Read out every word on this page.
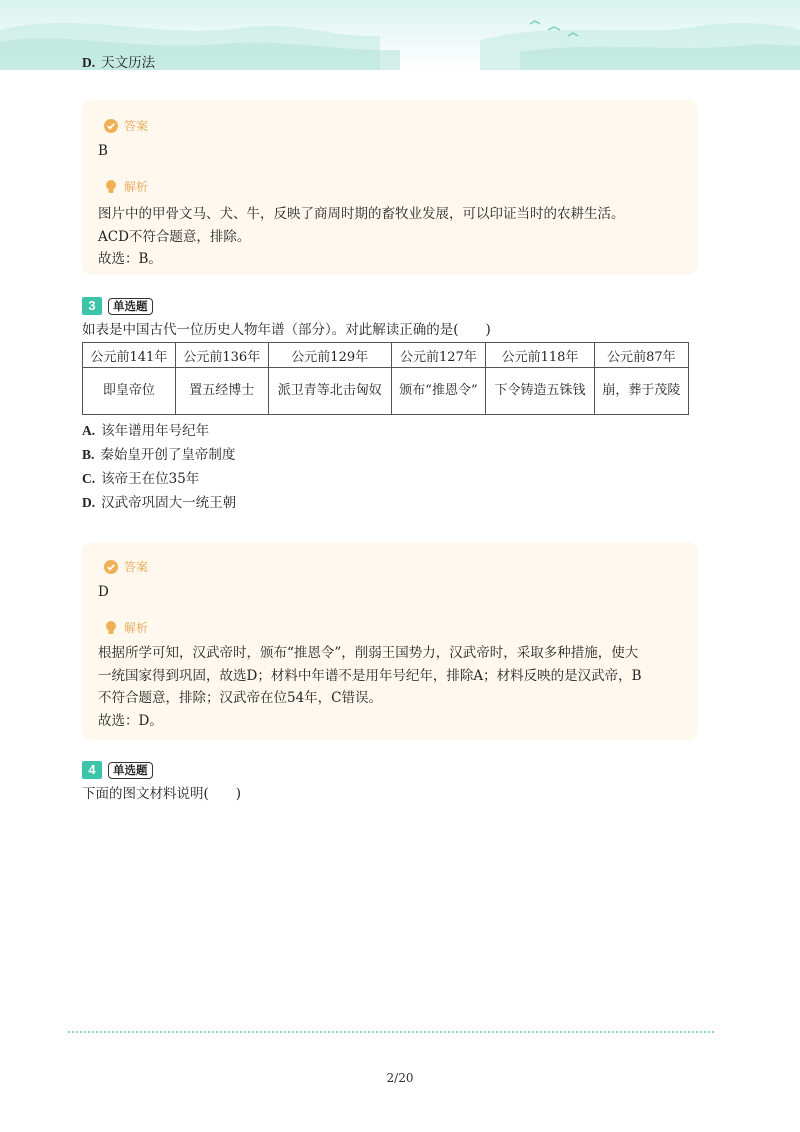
D. 天文历法
答案
B
解析
图片中的甲骨文马、犬、牛，反映了商周时期的畜牧业发展，可以印证当时的农耕生活。
ACD不符合题意，排除。
故选：B。
3	单选题
如表是中国古代一位历史人物年谱（部分）。对此解读正确的是(　　)
公元前141年	公元前136年	公元前129年	公元前127年	公元前118年	公元前87年
即皇帝位	置五经博士	派卫青等北击匈奴	颁布“推恩令”	下令铸造五铢钱	崩，葬于茂陵
A. 该年谱用年号纪年
B. 秦始皇开创了皇帝制度
C. 该帝王在位35年
D. 汉武帝巩固大一统王朝
答案
D
解析
根据所学可知，汉武帝时，颁布“推恩令”，削弱王国势力，汉武帝时，采取多种措施，使大
一统国家得到巩固，故选D；材料中年谱不是用年号纪年，排除A；材料反映的是汉武帝，B
不符合题意，排除；汉武帝在位54年，C错误。
故选：D。
4	单选题
下面的图文材料说明(　　)
2/20
